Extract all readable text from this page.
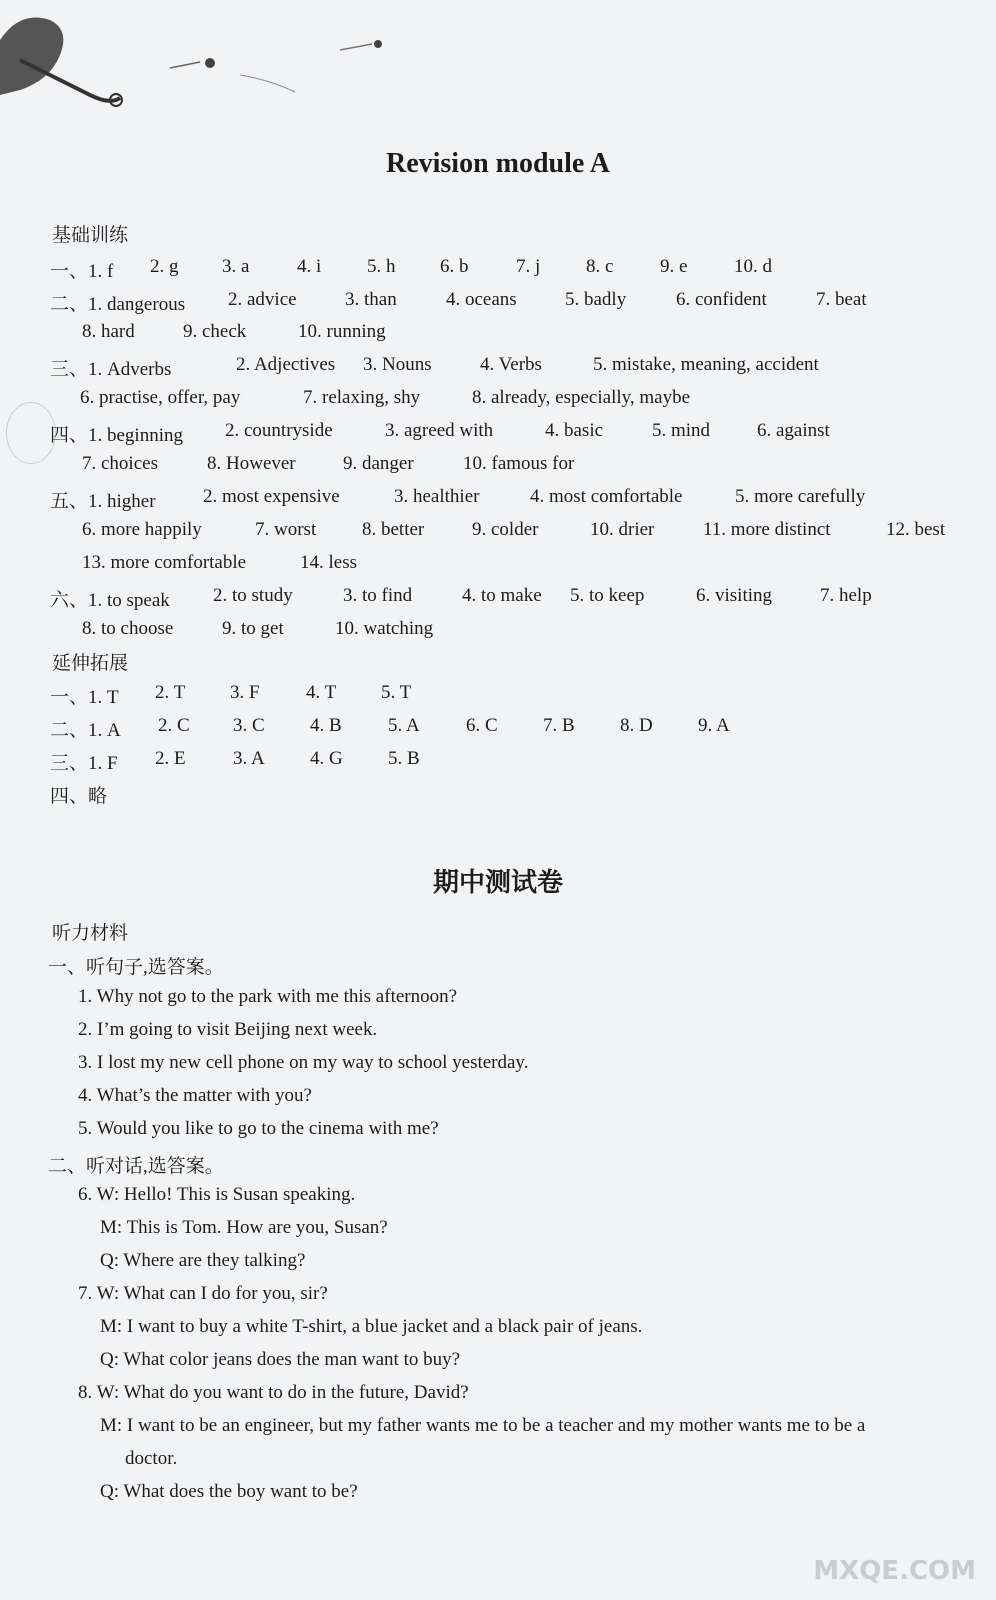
Revision module A
基础训练
一、1. f 2. g 3. a	4. i 5. h 6. b	7. j 8. c 9. e 10. d
二、1. dangerous 2. advice	3. than	4. oceans	5. badly	6. confident	7. beat
8. hard	9. check	10. running
三、1. Adverbs	2. Adjectives 3. Nouns	4. Verbs	5. mistake, meaning, accident
6. practise, offer, pay	7. relaxing, shy	8. already, especially, maybe
四、1. beginning 2. countryside	3. agreed with	4. basic	5. mind 6. against
7. choices	8. However 9. danger	10. famous for
五、1. higher 2. most expensive	3. healthier	4. most comfortable	5. more carefully
6. more happily	7. worst 8. better	9. colder	10. drier	11. more distinct	12. best
13. more comfortable	14. less
六、1. to speak 2. to study	3. to find	4. to make 5. to keep	6. visiting	7. help
8. to choose	9. to get	10. watching
延伸拓展
一、1. T 2. T 3. F 4. T 5. T
二、1. A 2. C 3. C 4. B 5. A 6. C 7. B 8. D 9. A
三、1. F 2. E 3. A 4. G 5. B
四、略
期中测试卷
听力材料
一、听句子,选答案。
1. Why not go to the park with me this afternoon?
2. I’m going to visit Beijing next week.
3. I lost my new cell phone on my way to school yesterday.
4. What’s the matter with you?
5. Would you like to go to the cinema with me?
二、听对话,选答案。
6. W: Hello! This is Susan speaking.
M: This is Tom. How are you, Susan?
Q: Where are they talking?
7. W: What can I do for you, sir?
M: I want to buy a white T-shirt, a blue jacket and a black pair of jeans.
Q: What color jeans does the man want to buy?
8. W: What do you want to do in the future, David?
M: I want to be an engineer, but my father wants me to be a teacher and my mother wants me to be a
doctor.
Q: What does the boy want to be?
MXQE.COM
